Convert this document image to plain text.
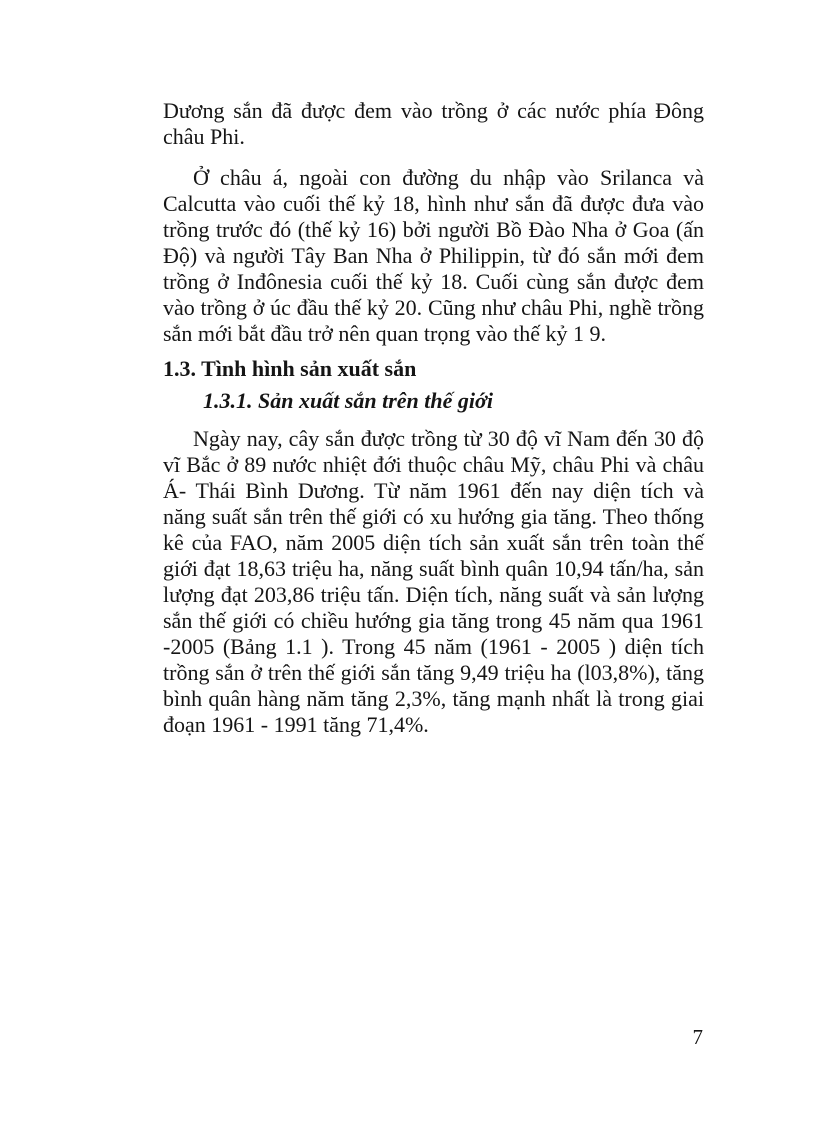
Dương sắn đã được đem vào trồng ở các nước phía Đông châu Phi.

Ở châu á, ngoài con đường du nhập vào Srilanca và Calcutta vào cuối thế kỷ 18, hình như sắn đã được đưa vào trồng trước đó (thế kỷ 16) bởi người Bồ Đào Nha ở Goa (ấn Độ) và người Tây Ban Nha ở Philippin, từ đó sắn mới đem trồng ở Inđônesia cuối thế kỷ 18. Cuối cùng sắn được đem vào trồng ở úc đầu thế kỷ 20. Cũng như châu Phi, nghề trồng sắn mới bắt đầu trở nên quan trọng vào thế kỷ 1 9.

1.3. Tình hình sản xuất sắn

1.3.1. Sản xuất sắn trên thế giới

Ngày nay, cây sắn được trồng từ 30 độ vĩ Nam đến 30 độ vĩ Bắc ở 89 nước nhiệt đới thuộc châu Mỹ, châu Phi và châu Á- Thái Bình Dương. Từ năm 1961 đến nay diện tích và năng suất sắn trên thế giới có xu hướng gia tăng. Theo thống kê của FAO, năm 2005 diện tích sản xuất sắn trên toàn thế giới đạt 18,63 triệu ha, năng suất bình quân 10,94 tấn/ha, sản lượng đạt 203,86 triệu tấn. Diện tích, năng suất và sản lượng sắn thế giới có chiều hướng gia tăng trong 45 năm qua 1961 -2005 (Bảng 1.1 ). Trong 45 năm (1961 - 2005 ) diện tích trồng sắn ở trên thế giới sắn tăng 9,49 triệu ha (l03,8%), tăng bình quân hàng năm tăng 2,3%, tăng mạnh nhất là trong giai đoạn 1961 - 1991 tăng 71,4%.

7
